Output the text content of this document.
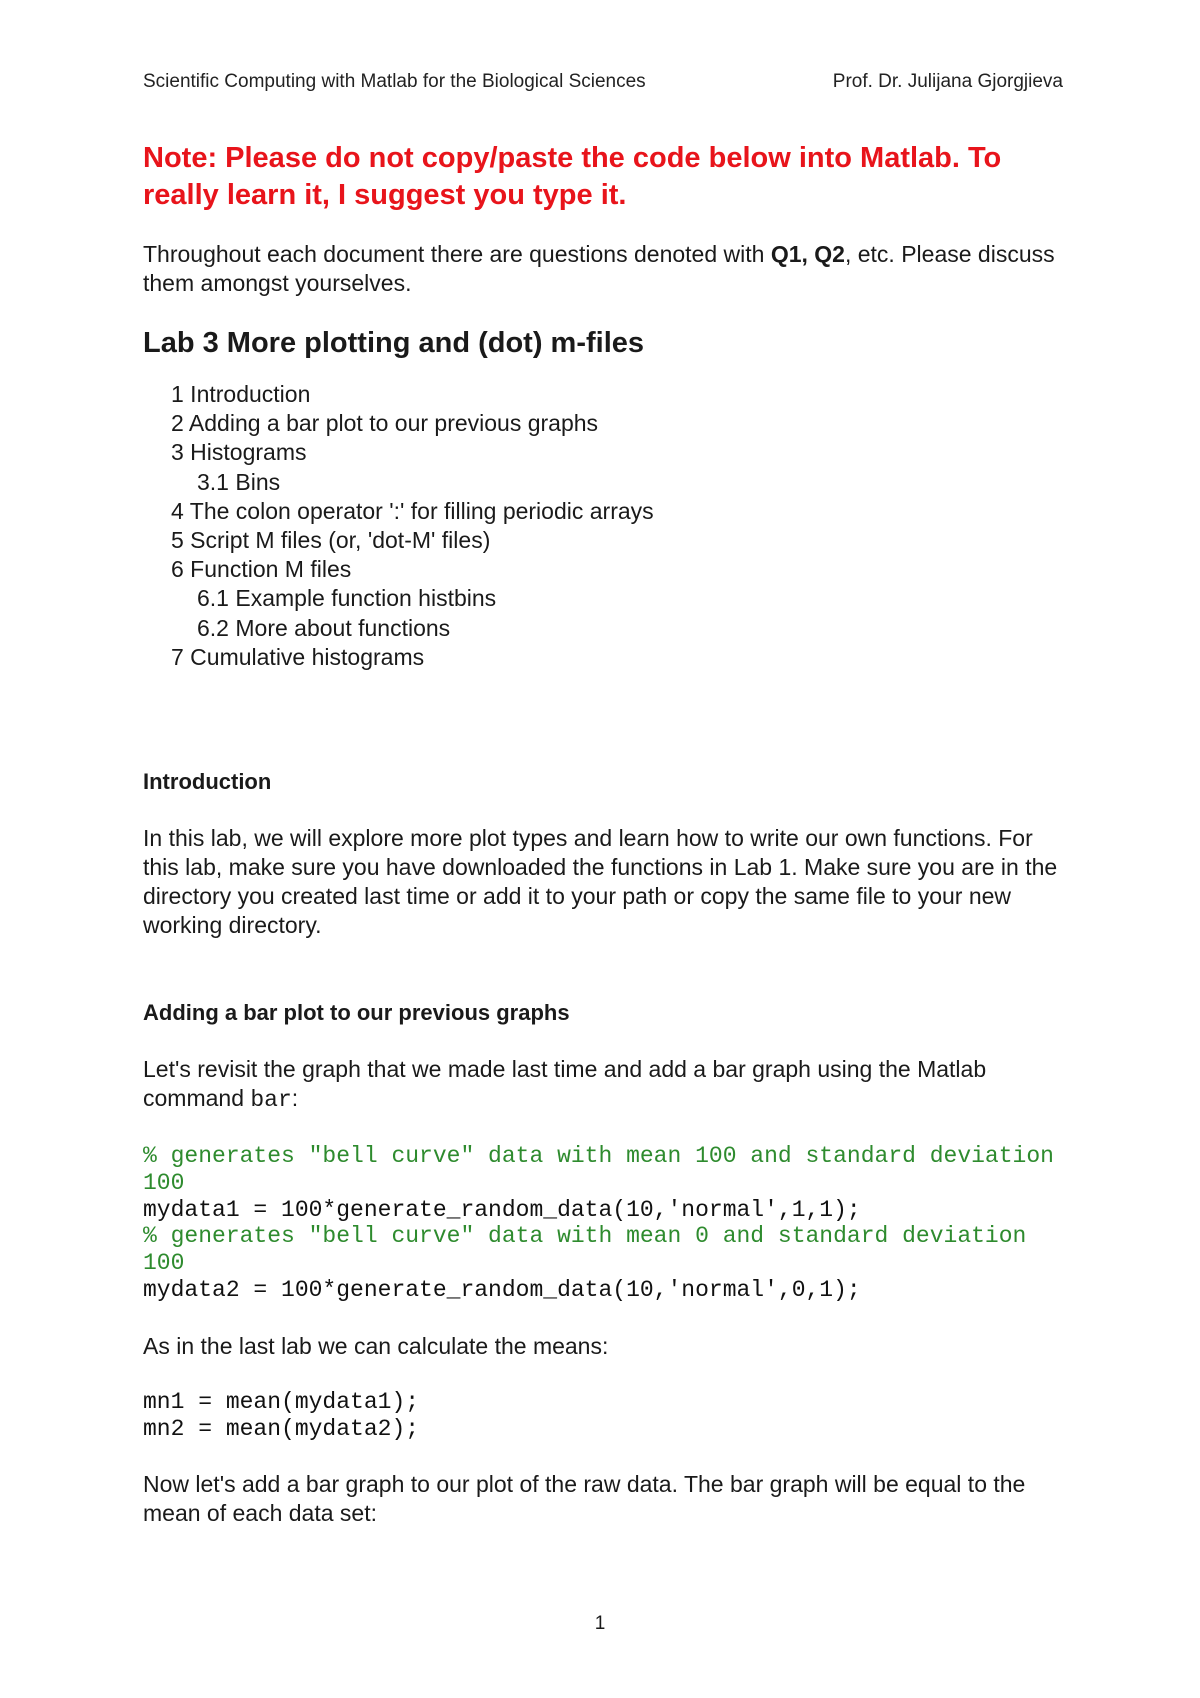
Scientific Computing with Matlab for the Biological Sciences	Prof. Dr. Julijana Gjorgjieva

Note: Please do not copy/paste the code below into Matlab. To really learn it, I suggest you type it.

Throughout each document there are questions denoted with Q1, Q2, etc. Please discuss them amongst yourselves.

Lab 3 More plotting and (dot) m-files
1 Introduction
2 Adding a bar plot to our previous graphs
3 Histograms
3.1 Bins
4 The colon operator ':' for filling periodic arrays
5 Script M files (or, 'dot-M' files)
6 Function M files
6.1 Example function histbins
6.2 More about functions
7 Cumulative histograms
Introduction

In this lab, we will explore more plot types and learn how to write our own functions. For this lab, make sure you have downloaded the functions in Lab 1. Make sure you are in the directory you created last time or add it to your path or copy the same file to your new working directory.

Adding a bar plot to our previous graphs

Let's revisit the graph that we made last time and add a bar graph using the Matlab command bar:

% generates "bell curve" data with mean 100 and standard deviation 100
mydata1 = 100*generate_random_data(10,'normal',1,1);
% generates "bell curve" data with mean 0 and standard deviation 100
mydata2 = 100*generate_random_data(10,'normal',0,1);

As in the last lab we can calculate the means:

mn1 = mean(mydata1);
mn2 = mean(mydata2);

Now let's add a bar graph to our plot of the raw data. The bar graph will be equal to the mean of each data set:

1
